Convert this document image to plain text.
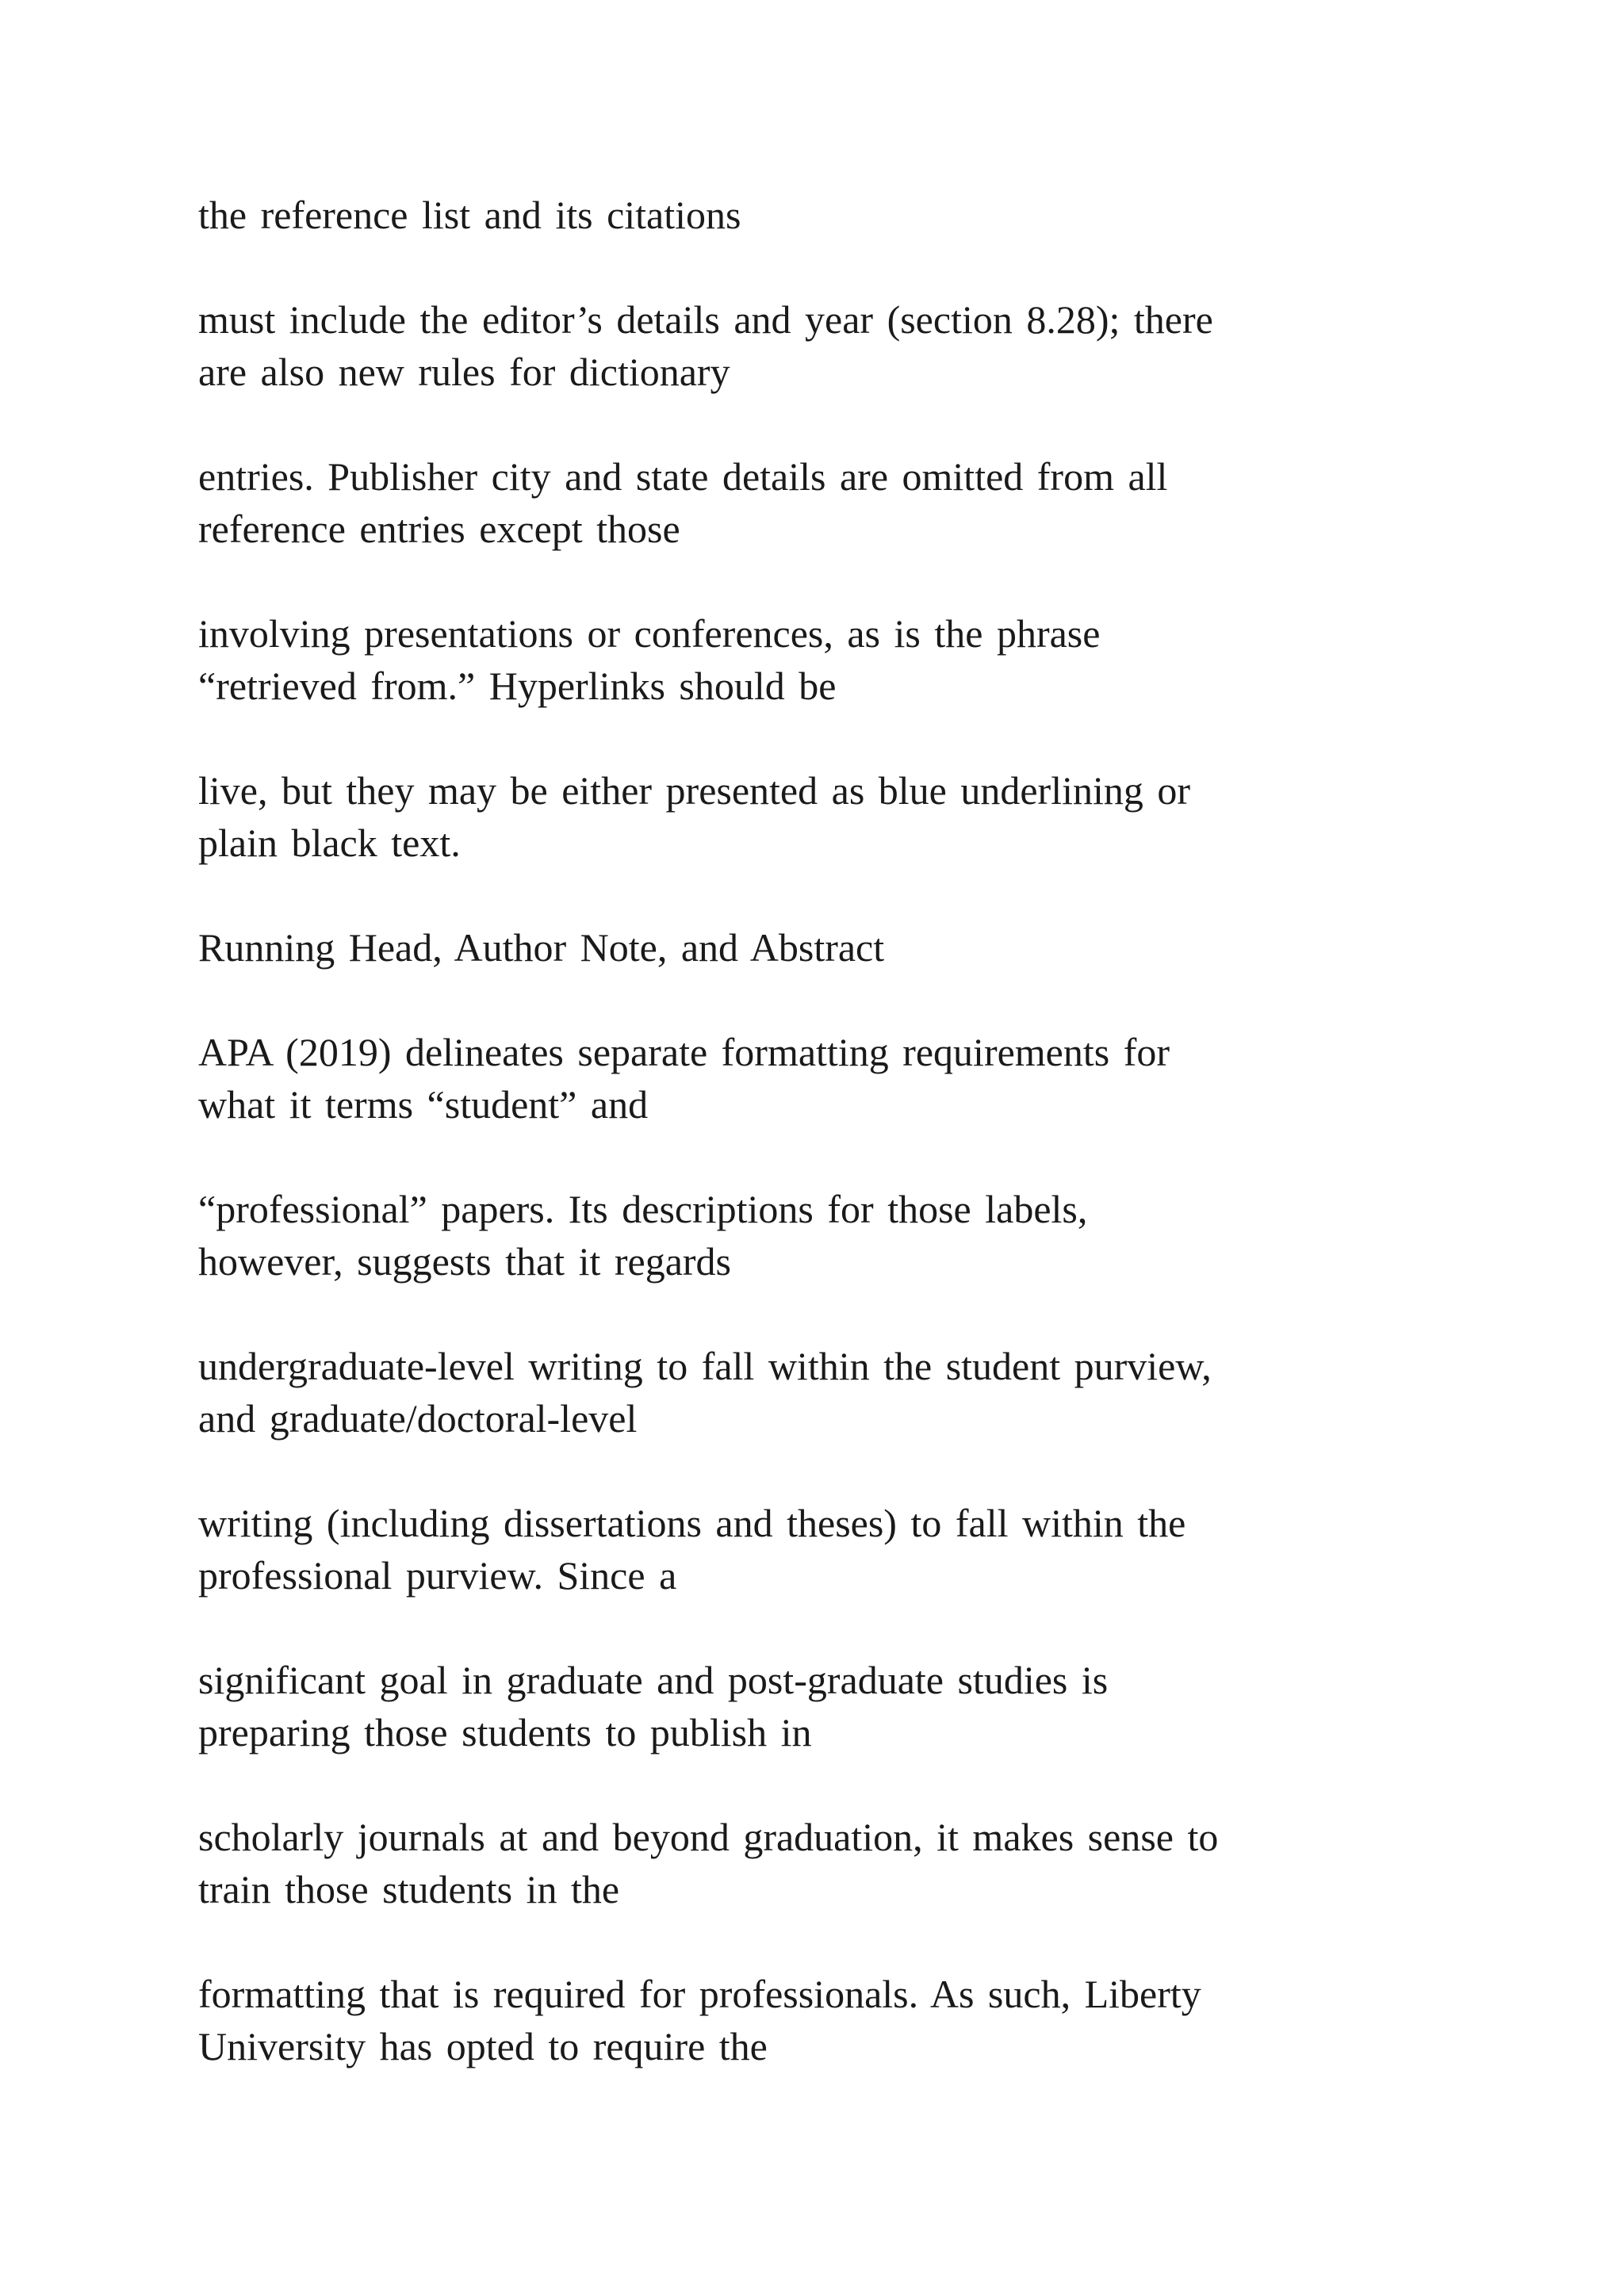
the reference list and its citations

must include the editor’s details and year (section 8.28); there
are also new rules for dictionary

entries. Publisher city and state details are omitted from all
reference entries except those

involving presentations or conferences, as is the phrase
“retrieved from.” Hyperlinks should be

live, but they may be either presented as blue underlining or
plain black text.

Running Head, Author Note, and Abstract

APA (2019) delineates separate formatting requirements for
what it terms “student” and

“professional” papers. Its descriptions for those labels,
however, suggests that it regards

undergraduate-level writing to fall within the student purview,
and graduate/doctoral-level

writing (including dissertations and theses) to fall within the
professional purview. Since a

significant goal in graduate and post-graduate studies is
preparing those students to publish in

scholarly journals at and beyond graduation, it makes sense to
train those students in the

formatting that is required for professionals. As such, Liberty
University has opted to require the
